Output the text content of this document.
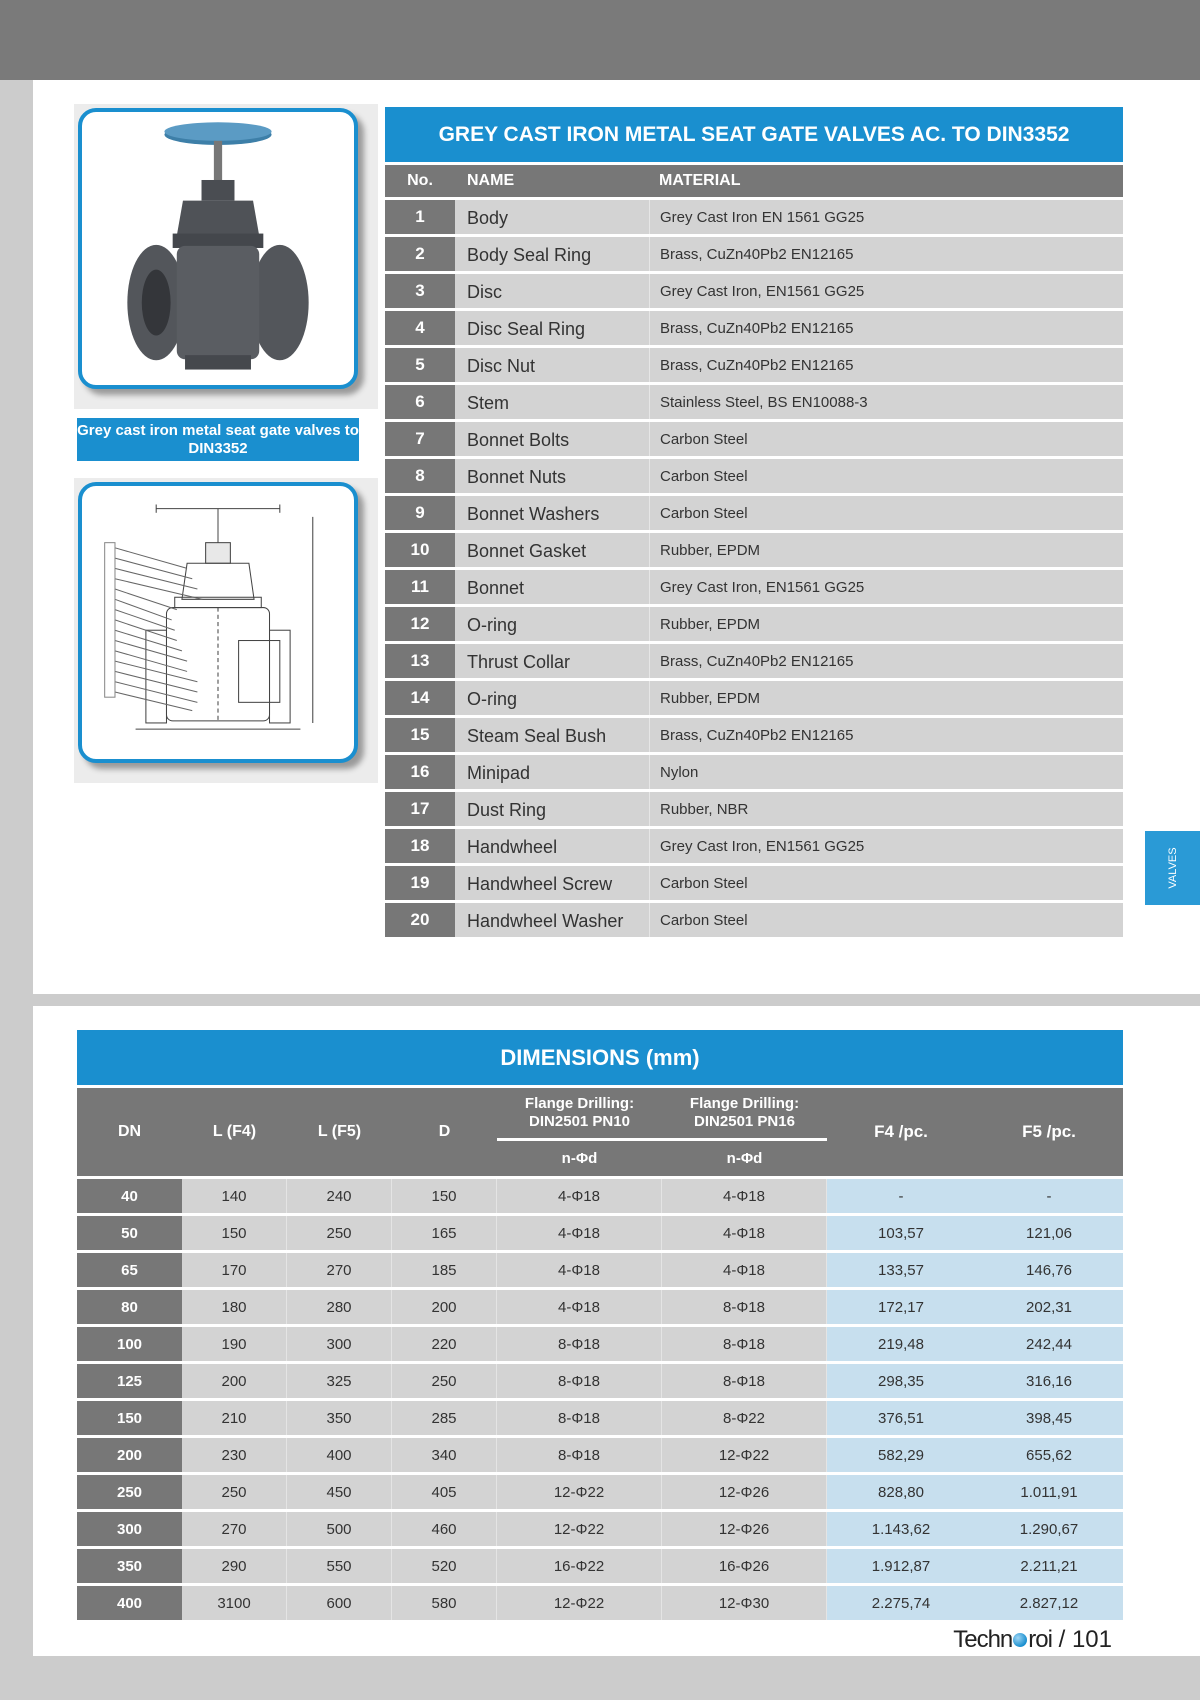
Grey cast iron metal seat gate valves to DIN3352
GREY CAST IRON METAL SEAT GATE VALVES AC. TO DIN3352
No.	NAME	MATERIAL
1	Body	Grey Cast Iron EN 1561 GG25
2	Body Seal Ring	Brass, CuZn40Pb2 EN12165
3	Disc	Grey Cast Iron, EN1561 GG25
4	Disc Seal Ring	Brass, CuZn40Pb2 EN12165
5	Disc Nut	Brass, CuZn40Pb2 EN12165
6	Stem	Stainless Steel, BS EN10088-3
7	Bonnet Bolts	Carbon Steel
8	Bonnet Nuts	Carbon Steel
9	Bonnet Washers	Carbon Steel
10	Bonnet Gasket	Rubber, EPDM
11	Bonnet	Grey Cast Iron, EN1561 GG25
12	O-ring	Rubber, EPDM
13	Thrust Collar	Brass, CuZn40Pb2 EN12165
14	O-ring	Rubber, EPDM
15	Steam Seal Bush	Brass, CuZn40Pb2 EN12165
16	Minipad	Nylon
17	Dust Ring	Rubber, NBR
18	Handwheel	Grey Cast Iron, EN1561 GG25
19	Handwheel Screw	Carbon Steel
20	Handwheel Washer	Carbon Steel
VALVES
DIMENSIONS (mm)
DN	L (F4)	L (F5)	D
Flange Drilling: DIN2501 PN10
n-Φd
Flange Drilling: DIN2501 PN16
n-Φd
F4 /pc.	F5 /pc.
40	140	240	150	4-Φ18	4-Φ18	-	-
50	150	250	165	4-Φ18	4-Φ18	103,57	121,06
65	170	270	185	4-Φ18	4-Φ18	133,57	146,76
80	180	280	200	4-Φ18	8-Φ18	172,17	202,31
100	190	300	220	8-Φ18	8-Φ18	219,48	242,44
125	200	325	250	8-Φ18	8-Φ18	298,35	316,16
150	210	350	285	8-Φ18	8-Φ22	376,51	398,45
200	230	400	340	8-Φ18	12-Φ22	582,29	655,62
250	250	450	405	12-Φ22	12-Φ26	828,80	1.011,91
300	270	500	460	12-Φ22	12-Φ26	1.143,62	1.290,67
350	290	550	520	16-Φ22	16-Φ26	1.912,87	2.211,21
400	3100	600	580	12-Φ22	12-Φ30	2.275,74	2.827,12
Techn roi / 101
